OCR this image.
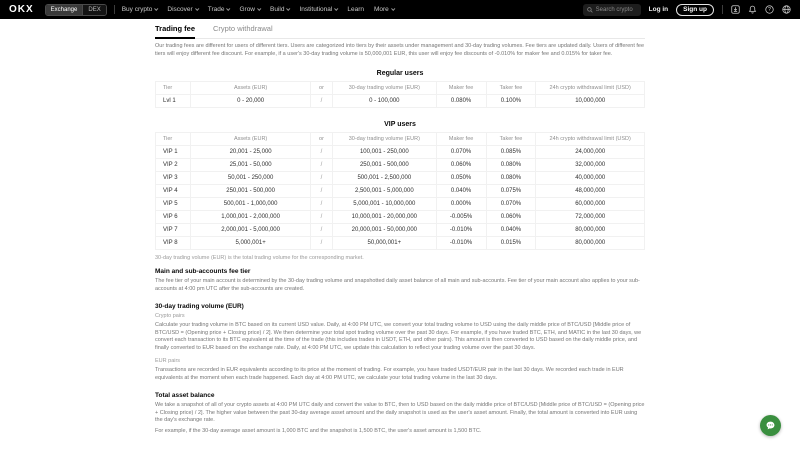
OKX	Exchange	DEX	Buy crypto Discover Trade Grow Build Institutional Learn More	Search crypto Log in	Sign up	?
Trading fee Crypto withdrawal

Our trading fees are different for users of different tiers. Users are categorized into tiers by their assets under management and 30-day trading volumes. Fee tiers are updated daily. Users of different fee tiers will enjoy different fee discount. For example, if a user's 30-day trading volume is 50,000,001 EUR, this user will enjoy fee discounts of -0.010% for maker fee and 0.015% for taker fee.

Regular users
Tier	Assets (EUR)	or	30-day trading volume (EUR)	Maker fee	Taker fee	24h crypto withdrawal limit (USD)
Lvl 1	0 - 20,000	/	0 - 100,000	0.080%	0.100%	10,000,000
VIP users
Tier	Assets (EUR)	or	30-day trading volume (EUR)	Maker fee	Taker fee	24h crypto withdrawal limit (USD)
VIP 1	20,001 - 25,000	/	100,001 - 250,000	0.070%	0.085%	24,000,000
VIP 2	25,001 - 50,000	/	250,001 - 500,000	0.060%	0.080%	32,000,000
VIP 3	50,001 - 250,000	/	500,001 - 2,500,000	0.050%	0.080%	40,000,000
VIP 4	250,001 - 500,000	/	2,500,001 - 5,000,000	0.040%	0.075%	48,000,000
VIP 5	500,001 - 1,000,000	/	5,000,001 - 10,000,000	0.000%	0.070%	60,000,000
VIP 6	1,000,001 - 2,000,000	/	10,000,001 - 20,000,000	-0.005%	0.060%	72,000,000
VIP 7	2,000,001 - 5,000,000	/	20,000,001 - 50,000,000	-0.010%	0.040%	80,000,000
VIP 8	5,000,001+	/	50,000,001+	-0.010%	0.015%	80,000,000

30-day trading volume (EUR) is the total trading volume for the corresponding market.

Main and sub-accounts fee tier

The fee tier of your main account is determined by the 30-day trading volume and snapshotted daily asset balance of all main and sub-accounts. Fee tier of your main account also applies to your sub-accounts at 4:00 pm UTC after the sub-accounts are created.

30-day trading volume (EUR)

Crypto pairs

Calculate your trading volume in BTC based on its current USD value. Daily, at 4:00 PM UTC, we convert your total trading volume to USD using the daily middle price of BTC/USD [Middle price of BTC/USD = (Opening price + Closing price) / 2]. We then determine your total spot trading volume over the past 30 days. For example, if you have traded BTC, ETH, and MATIC in the last 30 days, we convert each transaction to its BTC equivalent at the time of the trade (this includes trades in USDT, ETH, and other pairs). This amount is then converted to USD based on the daily middle price, and finally converted to EUR based on the exchange rate. Daily, at 4:00 PM UTC, we update this calculation to reflect your trading volume over the past 30 days.

EUR pairs

Transactions are recorded in EUR equivalents according to its price at the moment of trading. For example, you have traded USDT/EUR pair in the last 30 days. We recorded each trade in EUR equivalents at the moment when each trade happened. Each day at 4:00 PM UTC, we calculate your total trading volume in the last 30 days.

Total asset balance

We take a snapshot of all of your crypto assets at 4:00 PM UTC daily and convert the value to BTC, then to USD based on the daily middle price of BTC/USD [Middle price of BTC/USD = (Opening price + Closing price) / 2]. The higher value between the past 30-day average asset amount and the daily snapshot is used as the user's asset amount. Finally, the total amount is converted into EUR using the day's exchange rate.

For example, if the 30-day average asset amount is 1,000 BTC and the snapshot is 1,500 BTC, the user's asset amount is 1,500 BTC.
